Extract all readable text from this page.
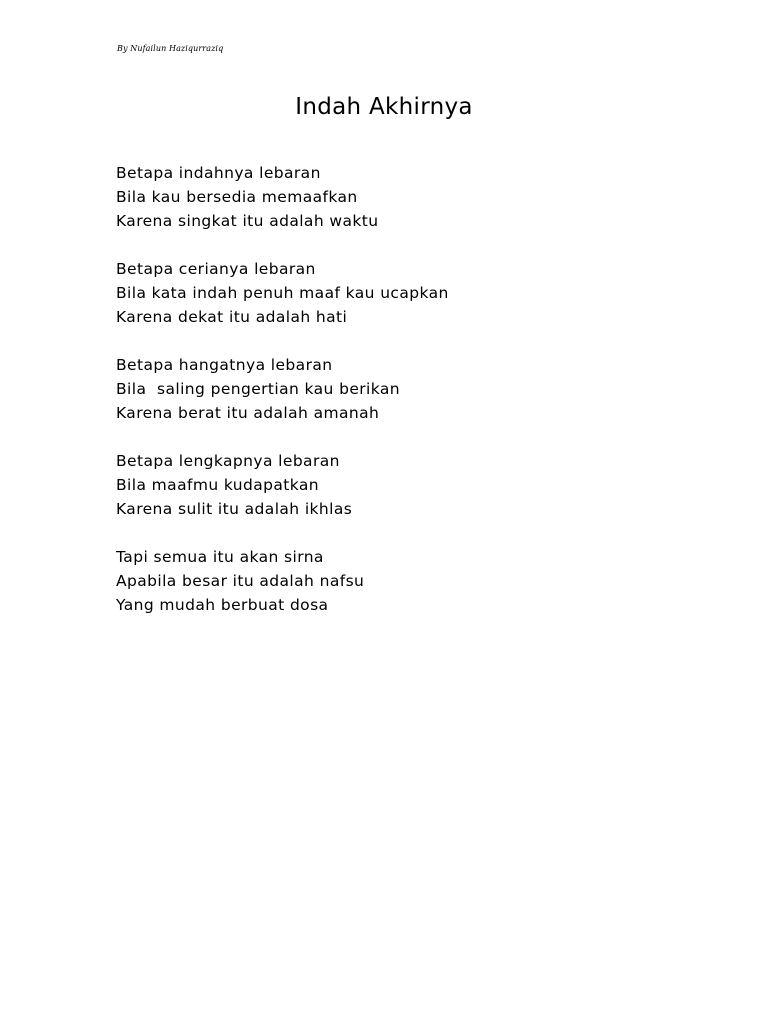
By Nufailun Haziqurraziq
Indah Akhirnya
Betapa indahnya lebaran
Bila kau bersedia memaafkan
Karena singkat itu adalah waktu
Betapa cerianya lebaran
Bila kata indah penuh maaf kau ucapkan
Karena dekat itu adalah hati
Betapa hangatnya lebaran
Bila  saling pengertian kau berikan
Karena berat itu adalah amanah
Betapa lengkapnya lebaran
Bila maafmu kudapatkan
Karena sulit itu adalah ikhlas
Tapi semua itu akan sirna
Apabila besar itu adalah nafsu
Yang mudah berbuat dosa
